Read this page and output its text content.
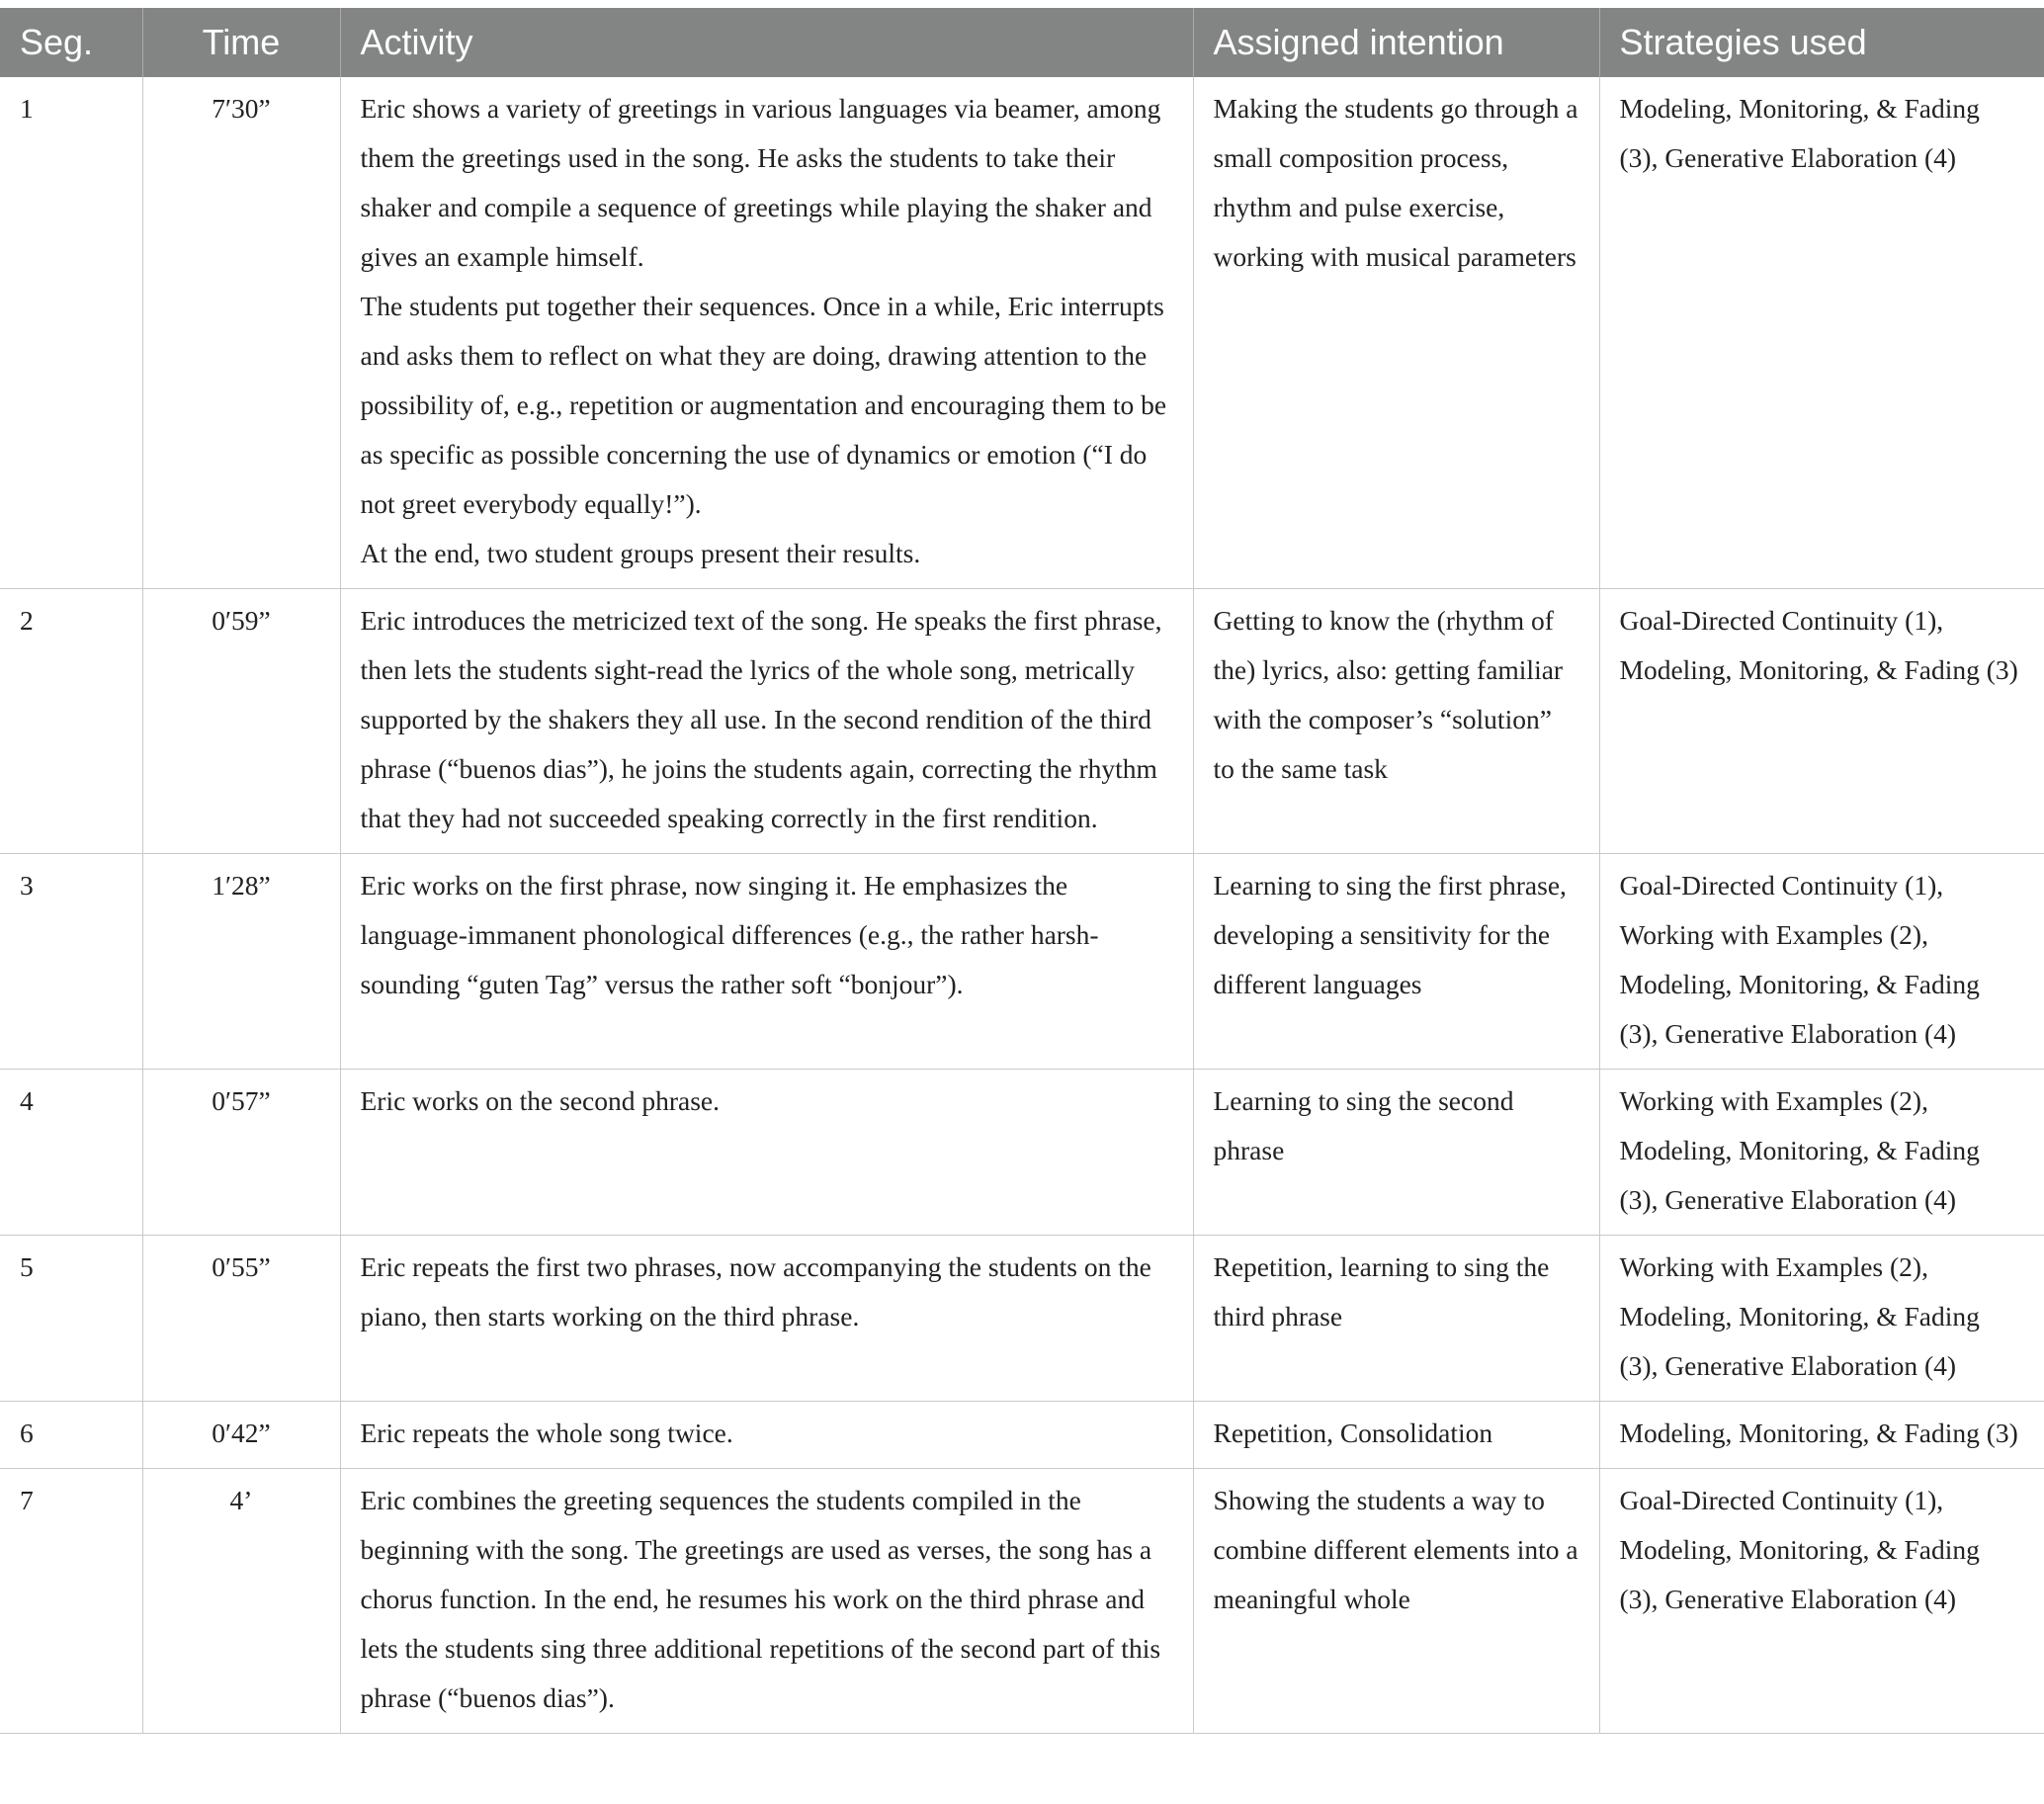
Seg.	Time	Activity	Assigned intention	Strategies used
1	7′30”	Eric shows a variety of greetings in various languages via beamer, among them the greetings used in the song. He asks the students to take their shaker and compile a sequence of greetings while playing the shaker and gives an example himself.
The students put together their sequences. Once in a while, Eric interrupts and asks them to reflect on what they are doing, drawing attention to the possibility of, e.g., repetition or augmentation and encouraging them to be as specific as possible concerning the use of dynamics or emotion (“I do not greet everybody equally!”).
At the end, two student groups present their results.	Making the students go through a small composition process, rhythm and pulse exercise, working with musical parameters	Modeling, Monitoring, & Fading (3), Generative Elaboration (4)
2	0′59”	Eric introduces the metricized text of the song. He speaks the first phrase, then lets the students sight-read the lyrics of the whole song, metrically supported by the shakers they all use. In the second rendition of the third phrase (“buenos dias”), he joins the students again, correcting the rhythm that they had not succeeded speaking correctly in the first rendition.	Getting to know the (rhythm of the) lyrics, also: getting familiar with the composer’s “solution” to the same task	Goal-Directed Continuity (1), Modeling, Monitoring, & Fading (3)
3	1′28”	Eric works on the first phrase, now singing it. He emphasizes the language-immanent phonological differences (e.g., the rather harsh-sounding “guten Tag” versus the rather soft “bonjour”).	Learning to sing the first phrase, developing a sensitivity for the different languages	Goal-Directed Continuity (1), Working with Examples (2), Modeling, Monitoring, & Fading (3), Generative Elaboration (4)
4	0′57”	Eric works on the second phrase.	Learning to sing the second phrase	Working with Examples (2), Modeling, Monitoring, & Fading (3), Generative Elaboration (4)
5	0′55”	Eric repeats the first two phrases, now accompanying the students on the piano, then starts working on the third phrase.	Repetition, learning to sing the third phrase	Working with Examples (2), Modeling, Monitoring, & Fading (3), Generative Elaboration (4)
6	0′42”	Eric repeats the whole song twice.	Repetition, Consolidation	Modeling, Monitoring, & Fading (3)
7	4’	Eric combines the greeting sequences the students compiled in the beginning with the song. The greetings are used as verses, the song has a chorus function. In the end, he resumes his work on the third phrase and lets the students sing three additional repetitions of the second part of this phrase (“buenos dias”).	Showing the students a way to combine different elements into a meaningful whole	Goal-Directed Continuity (1), Modeling, Monitoring, & Fading (3), Generative Elaboration (4)
